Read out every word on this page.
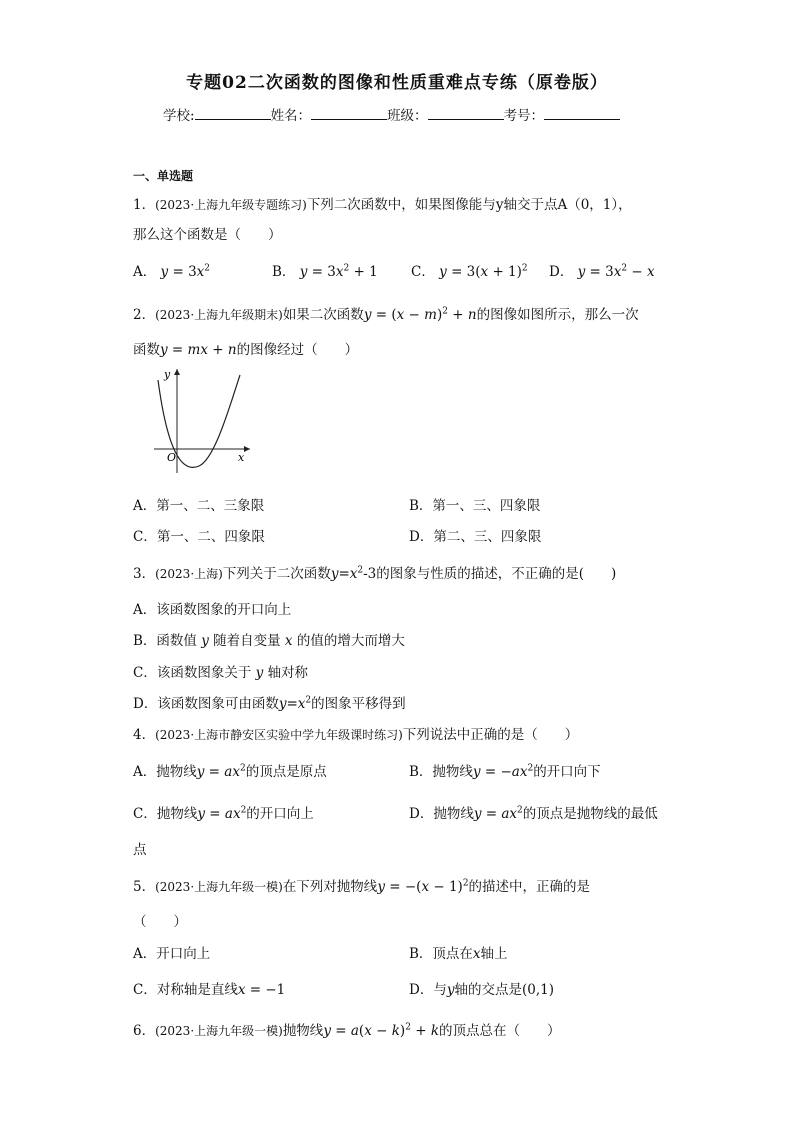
专题02二次函数的图像和性质重难点专练（原卷版）
学校:	姓名：	班级：	考号：
一、单选题
1．(2023·上海九年级专题练习)下列二次函数中，如果图像能与y轴交于点A（0，1），
那么这个函数是（　　）
A． $y = 3x^2$	B． $y = 3x^2 + 1$ C． $y = 3(x + 1)^2$ D． $y = 3x^2 - x$
2．(2023·上海九年级期末)如果二次函数$y = (x - m)^2 + n$的图像如图所示，那么一次
函数y = mx + n的图像经过（　　）
y
x
O
A．第一、二、三象限	B．第一、三、四象限
C．第一、二、四象限	D．第二、三、四象限
3．(2023·上海)下列关于二次函数$y=x^2-3$的图象与性质的描述，不正确的是(　　)
A．该函数图象的开口向上
B．函数值 y 随着自变量 x 的值的增大而增大
C．该函数图象关于 y 轴对称
D．该函数图象可由函数$y=x^2$的图象平移得到
4．(2023·上海市静安区实验中学九年级课时练习)下列说法中正确的是（　　）
A．抛物线$y = ax^2$的顶点是原点	B．抛物线$y = -ax^2$的开口向下
C．抛物线$y = ax^2$的开口向上	D．抛物线$y = ax^2$的顶点是抛物线的最低
点
5．(2023·上海九年级一模)在下列对抛物线$y = -(x - 1)^2$的描述中，正确的是
（　　）
A．开口向上	B．顶点在x轴上
C．对称轴是直线x = −1	D．与y轴的交点是(0,1)
6．(2023·上海九年级一模)抛物线$y = a(x - k)^2 + k$的顶点总在（　　）
